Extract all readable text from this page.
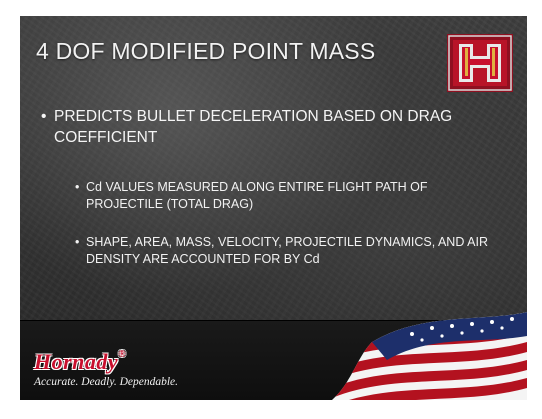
4 DOF MODIFIED POINT MASS
• PREDICTS BULLET DECELERATION BASED ON DRAG COEFFICIENT
• Cd VALUES MEASURED ALONG ENTIRE FLIGHT PATH OF PROJECTILE (TOTAL DRAG)
• SHAPE, AREA, MASS, VELOCITY, PROJECTILE DYNAMICS, AND AIR DENSITY ARE ACCOUNTED FOR BY Cd
Hornady®
Accurate. Deadly. Dependable.
